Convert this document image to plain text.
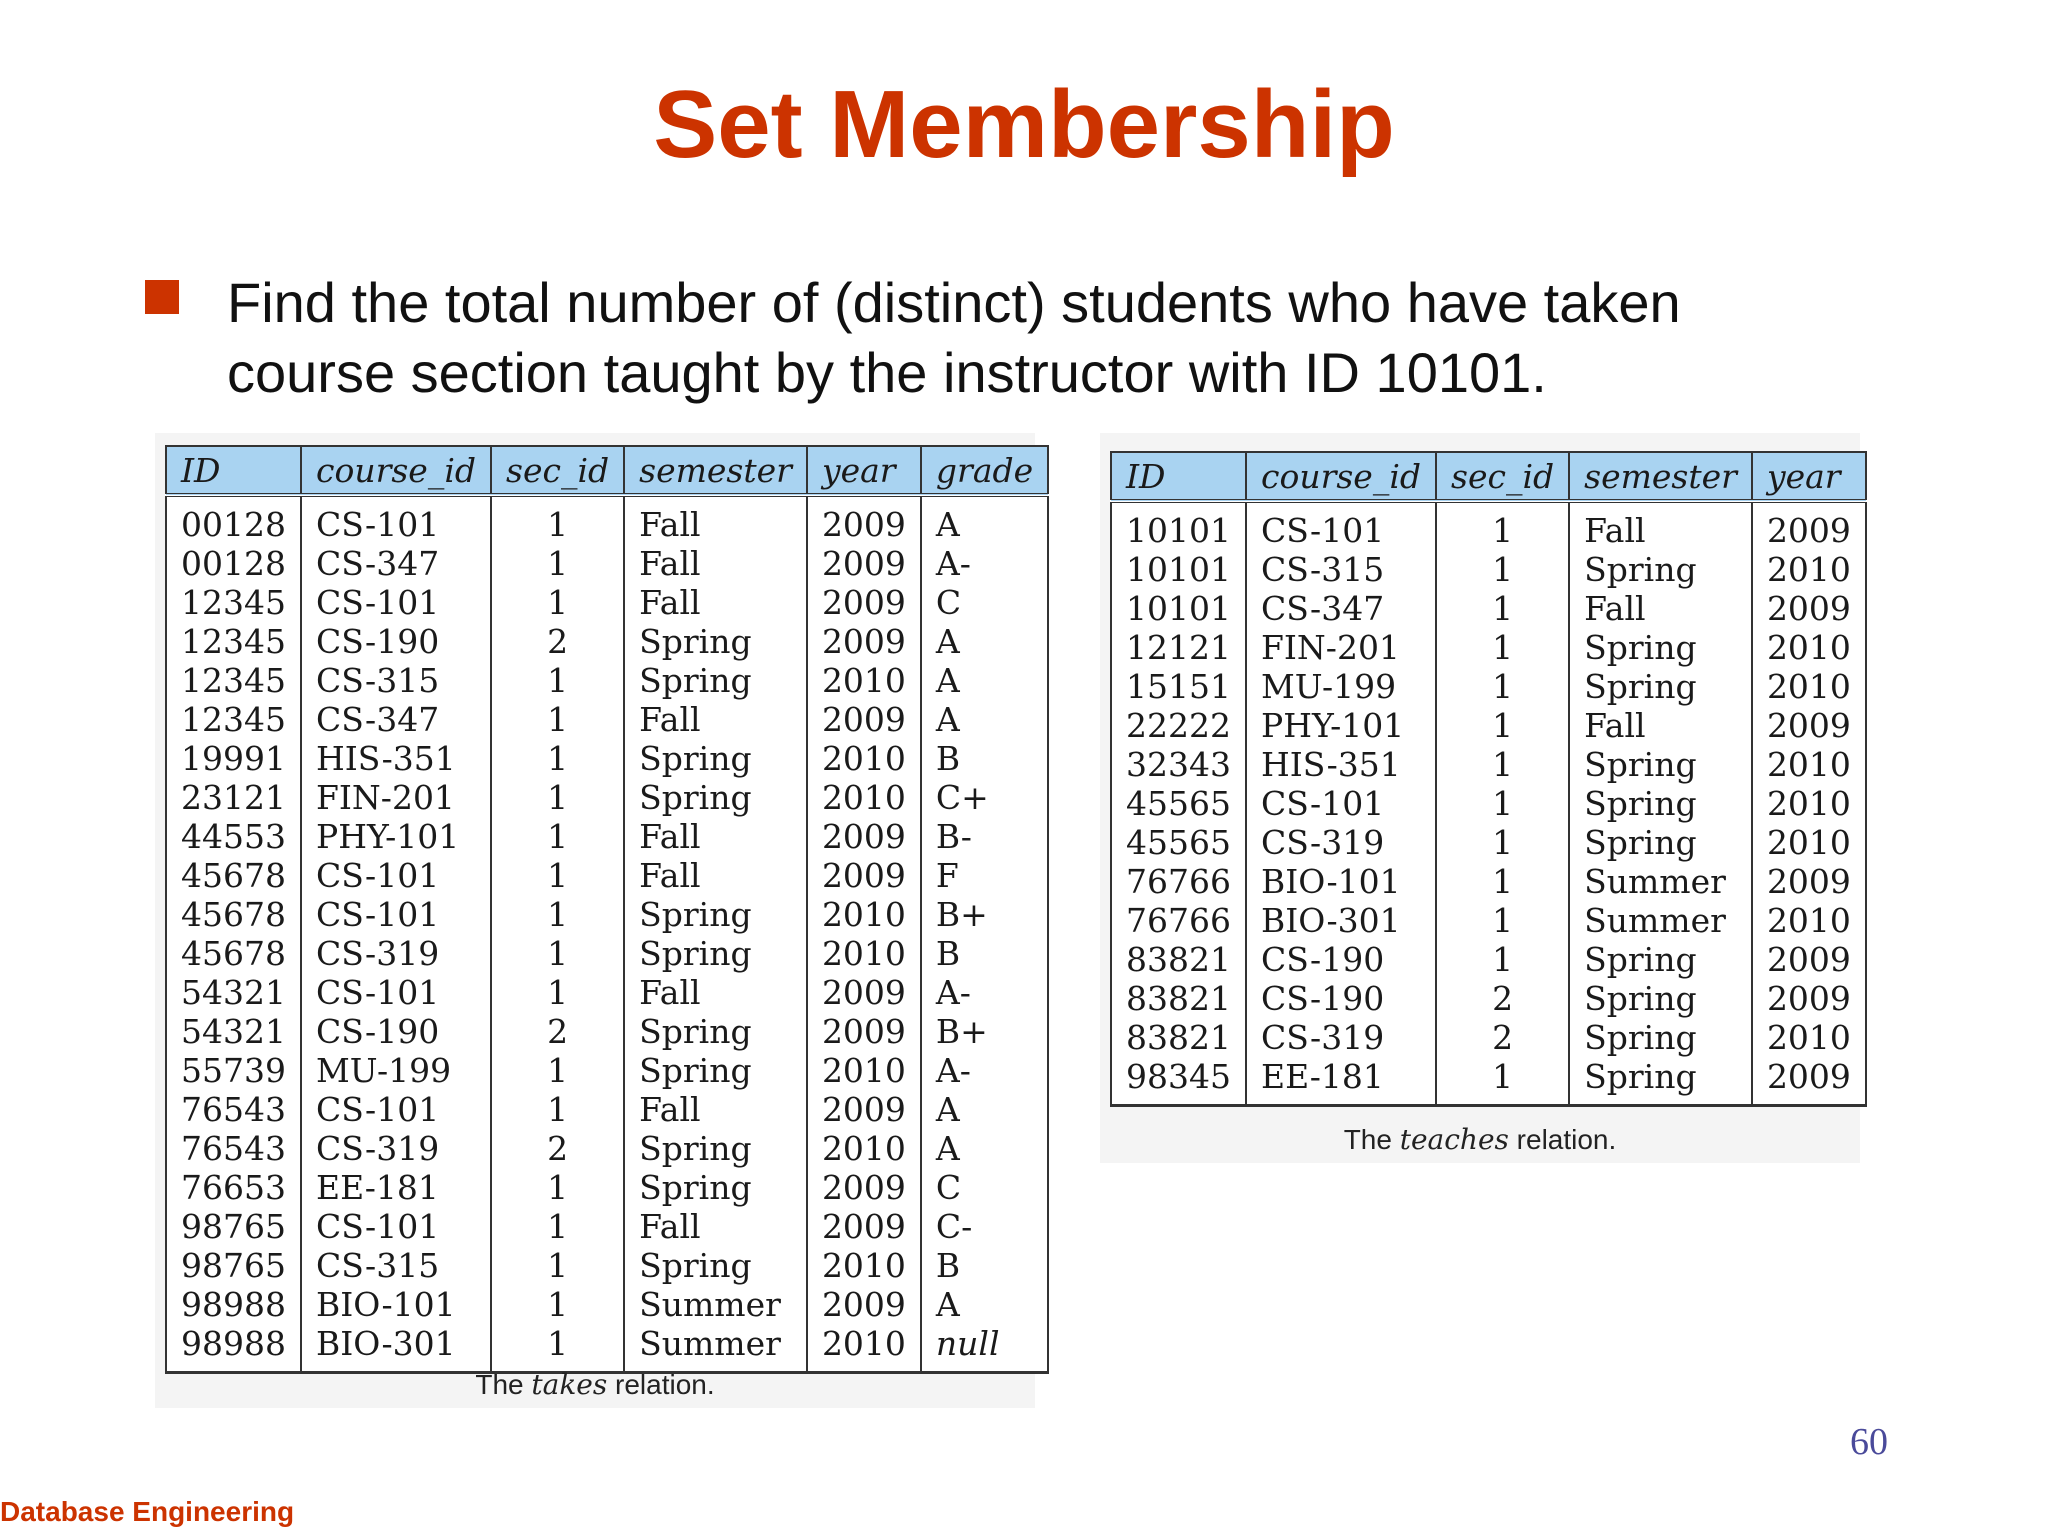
Set Membership
Find the total number of (distinct) students who have taken course section taught by the instructor with ID 10101.
ID	course_id	sec_id	semester	year	grade
00128	CS-101	1	Fall	2009	A
00128	CS-347	1	Fall	2009	A-
12345	CS-101	1	Fall	2009	C
12345	CS-190	2	Spring	2009	A
12345	CS-315	1	Spring	2010	A
12345	CS-347	1	Fall	2009	A
19991	HIS-351	1	Spring	2010	B
23121	FIN-201	1	Spring	2010	C+
44553	PHY-101	1	Fall	2009	B-
45678	CS-101	1	Fall	2009	F
45678	CS-101	1	Spring	2010	B+
45678	CS-319	1	Spring	2010	B
54321	CS-101	1	Fall	2009	A-
54321	CS-190	2	Spring	2009	B+
55739	MU-199	1	Spring	2010	A-
76543	CS-101	1	Fall	2009	A
76543	CS-319	2	Spring	2010	A
76653	EE-181	1	Spring	2009	C
98765	CS-101	1	Fall	2009	C-
98765	CS-315	1	Spring	2010	B
98988	BIO-101	1	Summer	2009	A
98988	BIO-301	1	Summer	2010	null
The takes relation.
ID	course_id	sec_id	semester	year
10101	CS-101	1	Fall	2009
10101	CS-315	1	Spring	2010
10101	CS-347	1	Fall	2009
12121	FIN-201	1	Spring	2010
15151	MU-199	1	Spring	2010
22222	PHY-101	1	Fall	2009
32343	HIS-351	1	Spring	2010
45565	CS-101	1	Spring	2010
45565	CS-319	1	Spring	2010
76766	BIO-101	1	Summer	2009
76766	BIO-301	1	Summer	2010
83821	CS-190	1	Spring	2009
83821	CS-190	2	Spring	2009
83821	CS-319	2	Spring	2010
98345	EE-181	1	Spring	2009
The teaches relation.
60
Database Engineering
